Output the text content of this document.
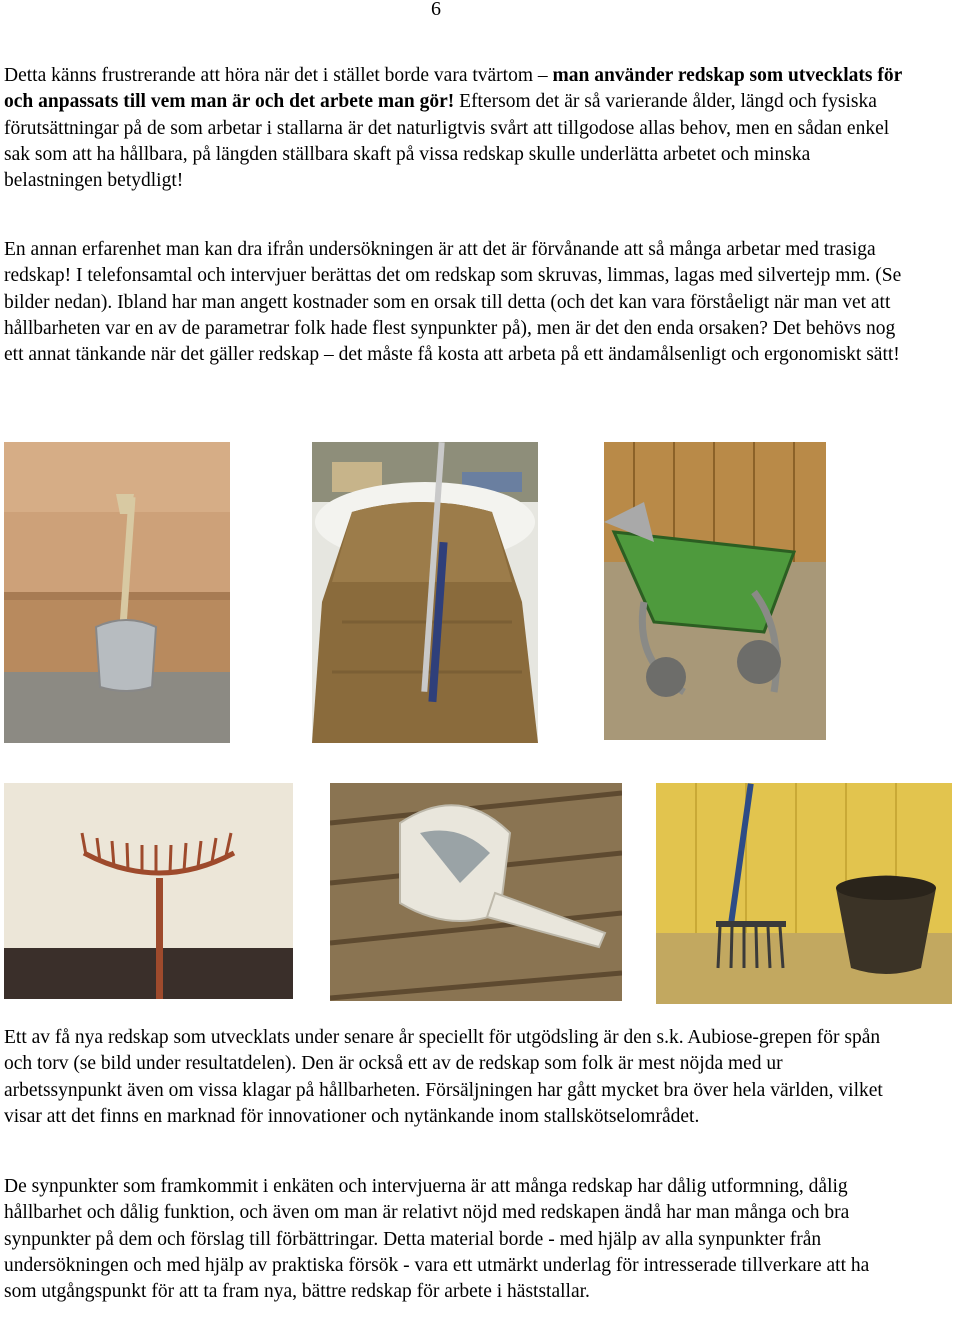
6
Detta känns frustrerande att höra när det i stället borde vara tvärtom – man använder redskap som utvecklats för och anpassats till vem man är och det arbete man gör! Eftersom det är så varierande ålder, längd och fysiska förutsättningar på de som arbetar i stallarna är det naturligtvis svårt att tillgodose allas behov, men en sådan enkel sak som att ha hållbara, på längden ställbara skaft på vissa redskap skulle underlätta arbetet och minska belastningen betydligt!
En annan erfarenhet man kan dra ifrån undersökningen är att det är förvånande att så många arbetar med trasiga redskap! I telefonsamtal och intervjuer berättas det om redskap som skruvas, limmas, lagas med silvertejp mm. (Se bilder nedan). Ibland har man angett kostnader som en orsak till detta (och det kan vara förståeligt när man vet att hållbarheten var en av de parametrar folk hade flest synpunkter på), men är det den enda orsaken? Det behövs nog ett annat tänkande när det gäller redskap – det måste få kosta att arbeta på ett ändamålsenligt och ergonomiskt sätt!
Ett av få nya redskap som utvecklats under senare år speciellt för utgödsling är den s.k. Aubiose-grepen för spån och torv (se bild under resultatdelen). Den är också ett av de redskap som folk är mest nöjda med ur arbetssynpunkt även om vissa klagar på hållbarheten. Försäljningen har gått mycket bra över hela världen, vilket visar att det finns en marknad för innovationer och nytänkande inom stallskötselområdet.
De synpunkter som framkommit i enkäten och intervjuerna är att många redskap har dålig utformning, dålig hållbarhet och dålig funktion, och även om man är relativt nöjd med redskapen ändå har man många och bra synpunkter på dem och förslag till förbättringar. Detta material borde - med hjälp av alla synpunkter från undersökningen och med hjälp av praktiska försök - vara ett utmärkt underlag för intresserade tillverkare att ha som utgångspunkt för att ta fram nya, bättre redskap för arbete i häststallar.
